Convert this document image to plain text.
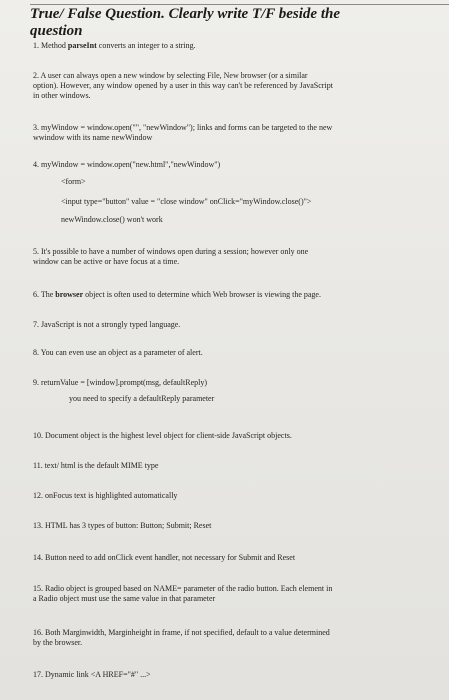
True/ False Question. Clearly write T/F beside the
question

1. Method parseInt converts an integer to a string.
2. A user can always open a new window by selecting File, New browser (or a similar
option). However, any window opened by a user in this way can't be referenced by JavaScript
in other windows.
3. myWindow = window.open("", "newWindow"); links and forms can be targeted to the new
wwindow with its name newWindow
4. myWindow = window.open("new.html","newWindow")
<form>
<input type="button" value = "close window" onClick="myWindow.close()">
newWindow.close() won't work
5. It's possible to have a number of windows open during a session; however only one
window can be active or have focus at a time.
6. The browser object is often used to determine which Web browser is viewing the page.
7. JavaScript is not a strongly typed language.
8. You can even use an object as a parameter of alert.
9. returnValue = [window].prompt(msg, defaultReply)
you need to specify a defaultReply parameter
10. Document object is the highest level object for client-side JavaScript objects.
11. text/ html is the default MIME type
12. onFocus text is highlighted automatically
13. HTML has 3 types of button: Button; Submit; Reset
14. Button need to add onClick event handler, not necessary for Submit and Reset
15. Radio object is grouped based on NAME= parameter of the radio button. Each element in
a Radio object must use the same value in that parameter
16. Both Marginwidth, Marginheight in frame, if not specified, default to a value determined
by the browser.
17. Dynamic link <A HREF="#" ...>
